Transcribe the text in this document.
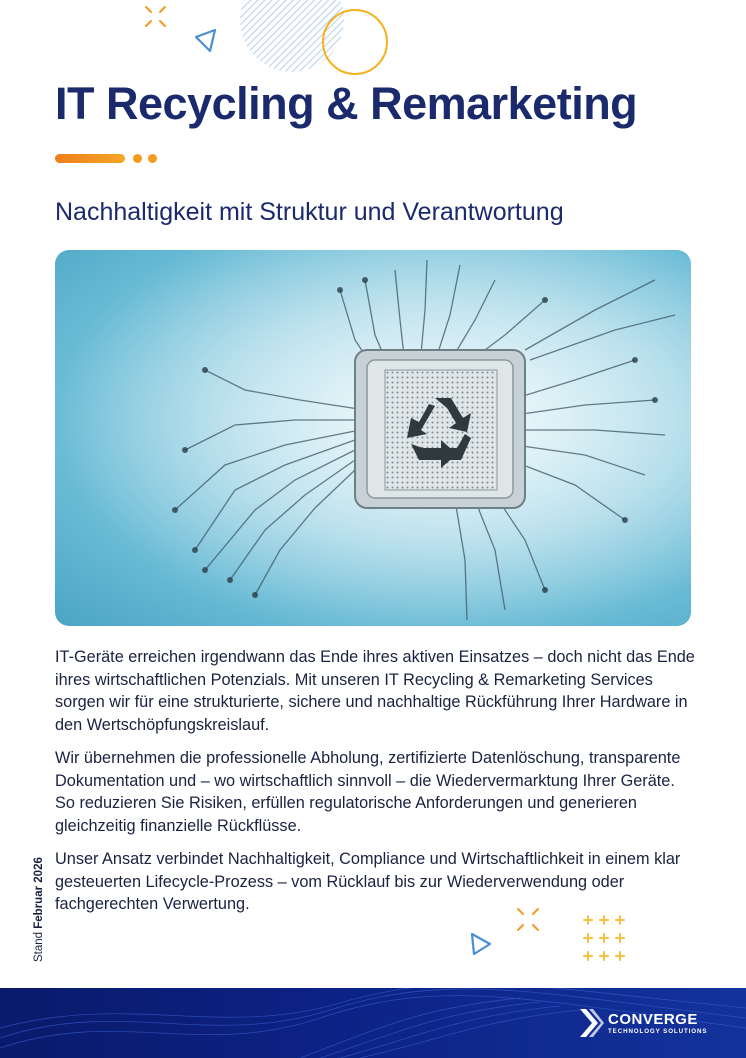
IT Recycling & Remarketing
Nachhaltigkeit mit Struktur und Verantwortung

IT-Geräte erreichen irgendwann das Ende ihres aktiven Einsatzes – doch nicht das Ende ihres wirtschaftlichen Potenzials. Mit unseren IT Recycling & Remarketing Services sorgen wir für eine strukturierte, sichere und nachhaltige Rückführung Ihrer Hardware in den Wertschöpfungskreislauf.

Wir übernehmen die professionelle Abholung, zertifizierte Datenlöschung, transparente Dokumentation und – wo wirtschaftlich sinnvoll – die Wiedervermarktung Ihrer Geräte. So reduzieren Sie Risiken, erfüllen regulatorische Anforderungen und generieren gleichzeitig finanzielle Rückflüsse.

Unser Ansatz verbindet Nachhaltigkeit, Compliance und Wirtschaftlichkeit in einem klar gesteuerten Lifecycle-Prozess – vom Rücklauf bis zur Wiederverwendung oder fachgerechten Verwertung.

Stand Februar 2026
CONVERGE
TECHNOLOGY SOLUTIONS
